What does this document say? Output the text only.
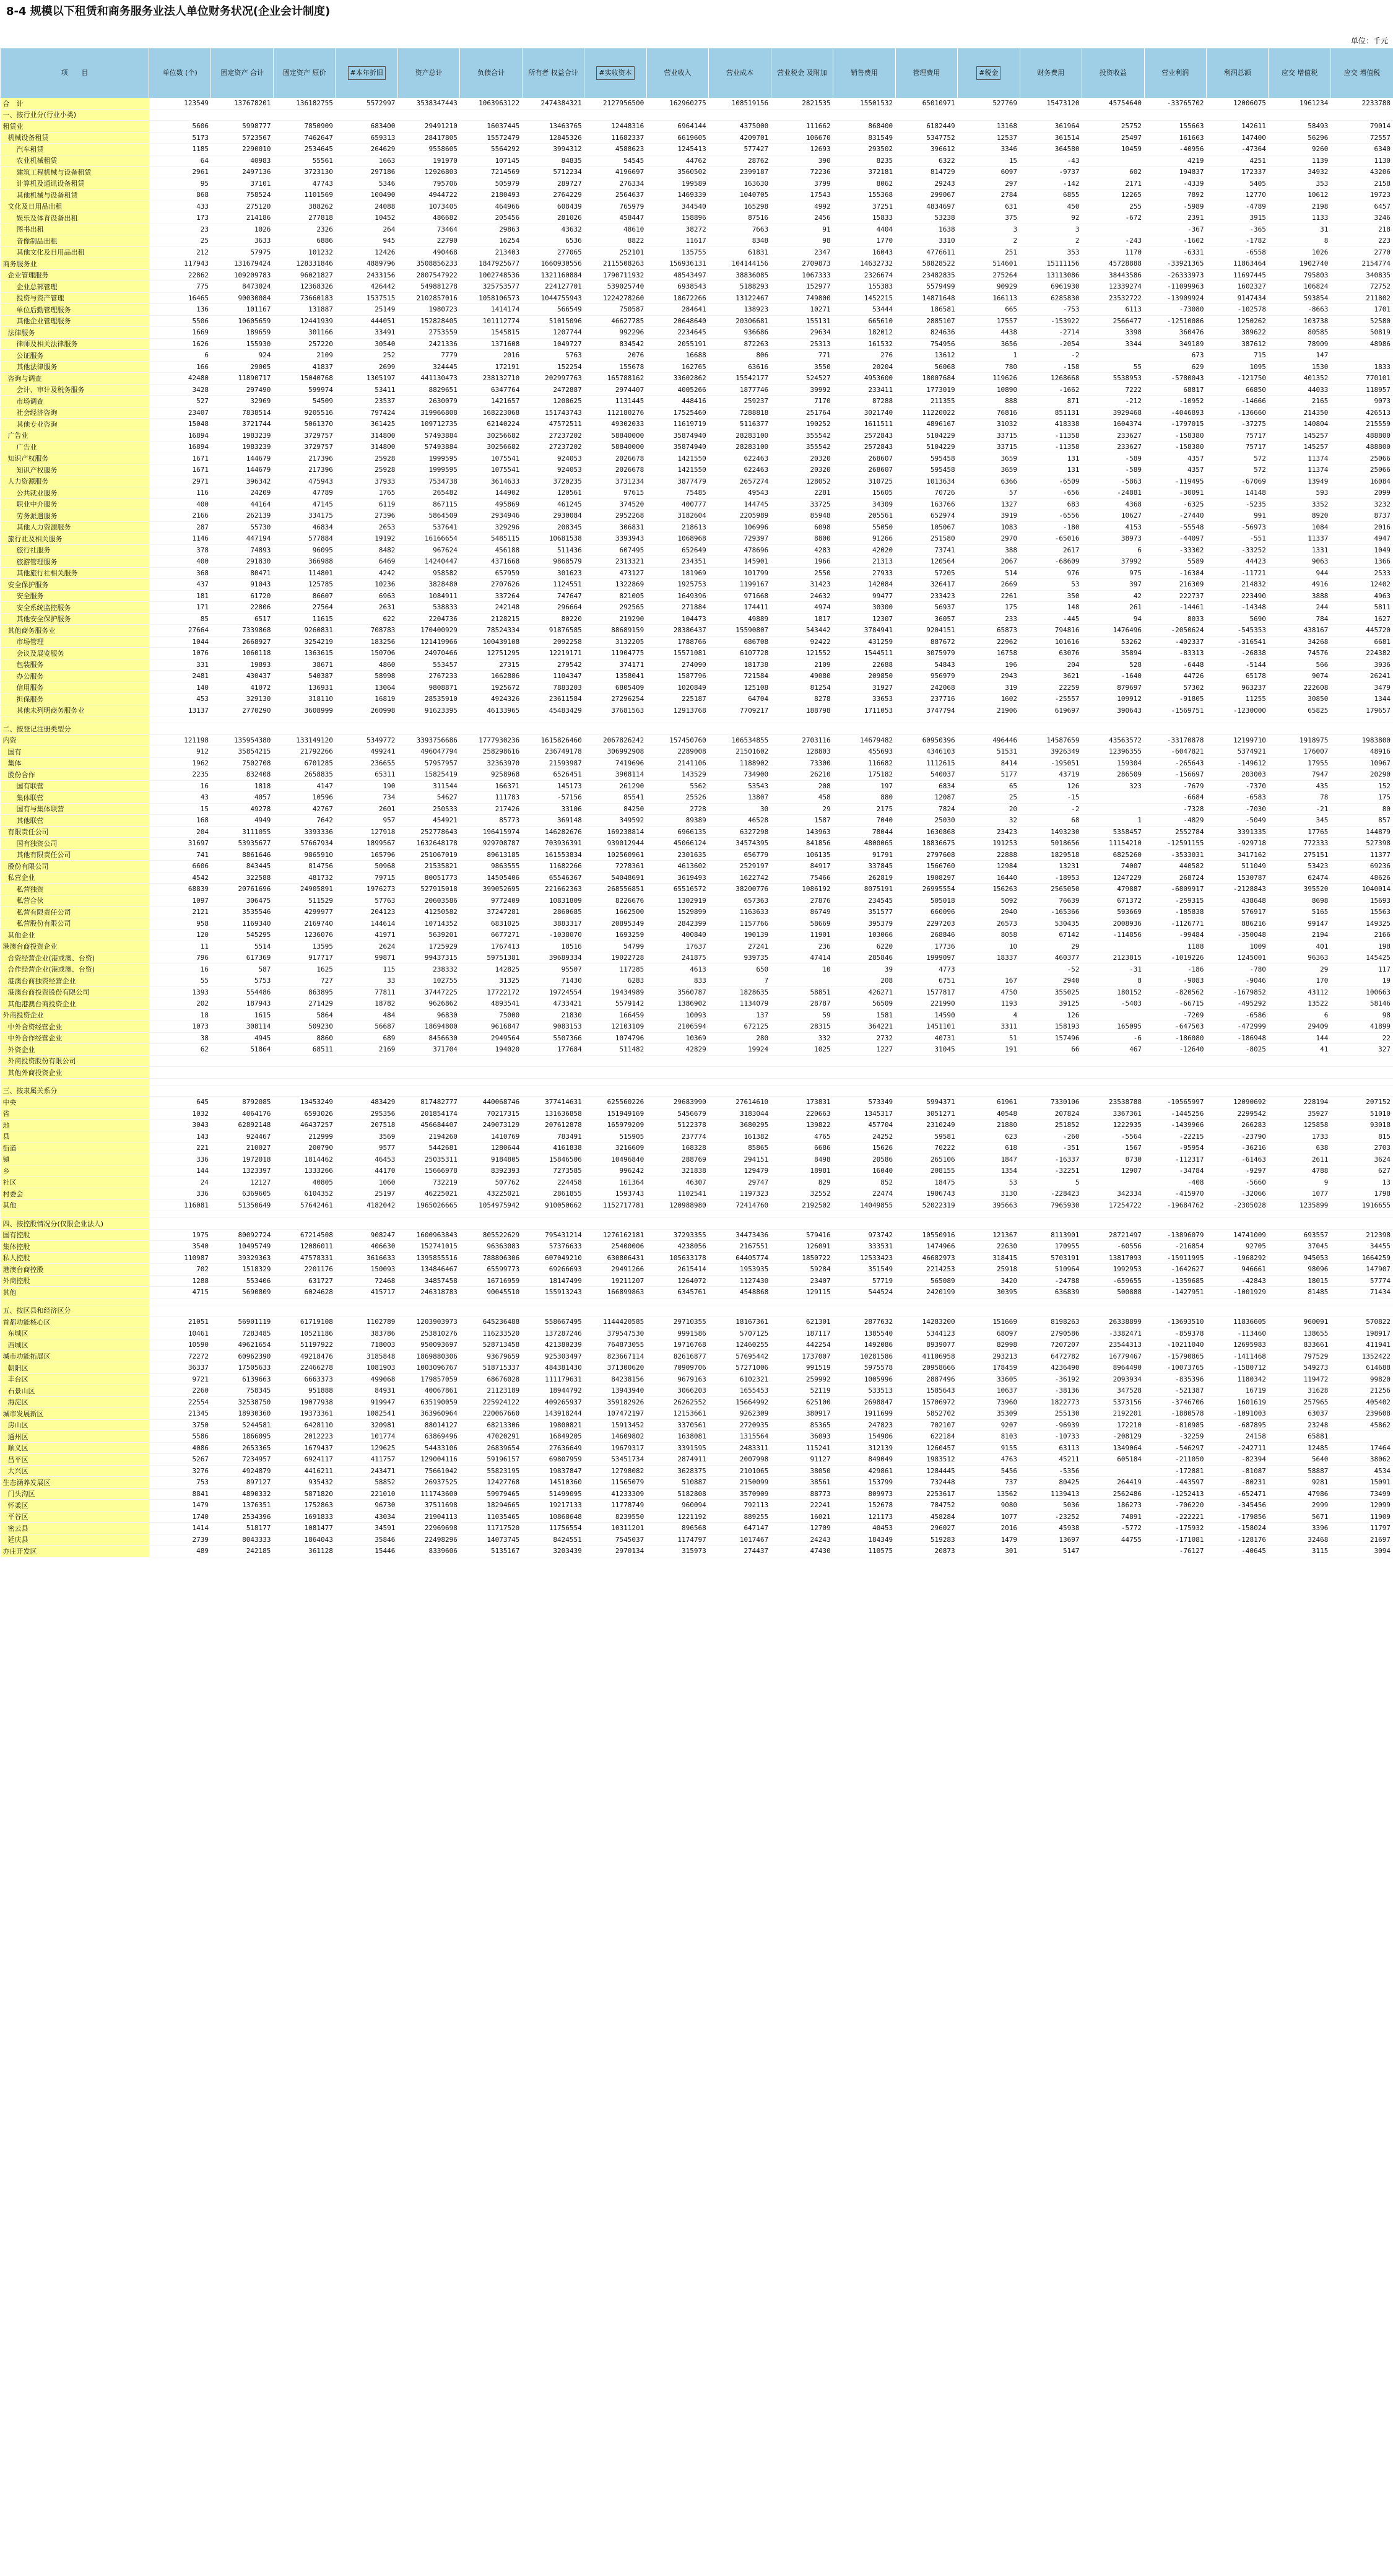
8-4 规模以下租赁和商务服务业法人单位财务状况(企业会计制度)
单位：千元
项　　目	单位数 (个)	固定资产 合计	固定资产 原价	#本年折旧	资产总计	负债合计	所有者 权益合计	#实收资本	营业收入	营业成本	营业税金 及附加	销售费用	管理费用	#税金	财务费用	投资收益	营业利润	利润总额	应交 增值税	应交 增值税
合　计	123549	137678201	136182755	5572997	3538347443	1063963122	2474384321	2127956500	162960275	108519156	2821535	15501532	65010971	527769	15473120	45754640	-33765702	12006075	1961234	2233788
一、按行业分(行业小类)																				
租赁业	5606	5998777	7850909	683400	29491210	16037445	13463765	12448316	6964144	4375000	111662	868400	6182449	13168	361964	25752	155663	142611	58493	79014
机械设备租赁	5173	5723567	7462647	659313	28417805	15572479	12845326	11682337	6619605	4209701	106670	831549	5347752	12537	361514	25497	161663	147400	56296	72557
汽车租赁	1185	2290010	2534645	264629	9558605	5564292	3994312	4588623	1245413	577427	12693	293502	396612	3346	364580	10459	-40956	-47364	9260	6340
农业机械租赁	64	40983	55561	1663	191970	107145	84835	54545	44762	28762	390	8235	6322	15	-43		4219	4251	1139	1130
建筑工程机械与设备租赁	2961	2497136	3723130	297186	12926803	7214569	5712234	4196697	3560502	2399187	72236	372181	814729	6097	-9737	602	194837	172337	34932	43206
计算机及通讯设备租赁	95	37101	47743	5346	795706	505979	289727	276334	199589	163630	3799	8062	29243	297	-142	2171	-4339	5405	353	2158
其他机械与设备租赁	868	758524	1101569	100490	4944722	2180493	2764229	2564637	1469339	1040705	17543	155368	299067	2784	6855	12265	7892	12770	10612	19723
文化及日用品出租	433	275120	388262	24088	1073405	464966	608439	765979	344540	165298	4992	37251	4834697	631	450	255	-5989	-4789	2198	6457
娱乐及体育设备出租	173	214186	277818	10452	486682	205456	281026	458447	158896	87516	2456	15833	53238	375	92	-672	2391	3915	1133	3246
图书出租	23	1026	2326	264	73464	29863	43632	48610	38272	7663	91	4404	1638	3	3		-367	-365	31	218
音像制品出租	25	3633	6886	945	22790	16254	6536	8822	11617	8348	98	1770	3310	2	2	-243	-1602	-1782	8	223
其他文化及日用品出租	212	57975	101232	12426	490468	213403	277065	252101	135755	61831	2347	16043	4776611	251	353	1170	-6331	-6558	1026	2770
商务服务业	117943	131679424	128331846	4889796	3508856233	1847925677	1660930556	2115508263	156936131	104144156	2709873	14632732	58828522	514601	15111156	45728888	-33921365	11863464	1902740	2154774
企业管理服务	22862	109209783	96021827	2433156	2807547922	1002748536	1321160884	1790711932	48543497	38836085	1067333	2326674	23482835	275264	13113086	38443586	-26333973	11697445	795803	340835
企业总部管理	775	8473024	12368326	426442	549881278	325753577	224127701	539025740	6938543	5188293	152977	155383	5579499	90929	6961930	12339274	-11099963	1602327	106824	72752
投资与资产管理	16465	90030084	73660183	1537515	2102857016	1058106573	1044755943	1224278260	18672266	13122467	749800	1452215	14871648	166113	6285830	23532722	-13909924	9147434	593854	211802
单位后勤管理服务	136	101167	131887	25149	1980723	1414174	566549	750587	284641	138923	10271	53444	186581	665	-753	6113	-73080	-102578	-8663	1701
其他企业管理服务	5506	10605659	12441939	444051	152828405	101112774	51015096	46627785	20648640	20306681	155131	665610	2885107	17557	-153922	2566477	-12510086	1250262	103738	52580
法律服务	1669	189659	301166	33491	2753559	1545815	1207744	992296	2234645	936686	29634	182012	824636	4438	-2714	3398	360476	389622	80585	50819
律师及相关法律服务	1626	155930	257220	30540	2421336	1371608	1049727	834542	2055191	872263	25313	161532	754956	3656	-2054	3344	349189	387612	78909	48986
公证服务	6	924	2109	252	7779	2016	5763	2076	16688	806	771	276	13612	1	-2		673	715	147	
其他法律服务	166	29005	41837	2699	324445	172191	152254	155678	162765	63616	3550	20204	56068	780	-158	55	629	1095	1530	1833
咨询与调查	42480	11890717	15040768	1305197	441130473	238132710	202997763	165788162	33602862	15542177	524527	4953600	18007684	119626	1268668	5538953	-5780043	-121750	401352	770101
会计、审计及税务服务	3428	297490	599974	53411	8829651	6347764	2472887	2974407	4005266	1877746	39992	233411	1773019	10890	-1662	7222	68817	66850	44033	118957
市场调查	527	32969	54509	23537	2630079	1421657	1208625	1131445	448416	259237	7170	87288	211355	888	871	-212	-10952	-14666	2165	9073
社会经济咨询	23407	7838514	9205516	797424	319966808	168223068	151743743	112180276	17525460	7288818	251764	3021740	11220022	76816	851131	3929468	-4046893	-136660	214350	426513
其他专业咨询	15048	3721744	5061370	361425	109712735	62140224	47572511	49302033	11619719	5116377	190252	1611511	4896167	31032	418338	1604374	-1797015	-37275	140804	215559
广告业	16894	1983239	3729757	314800	57493884	30256682	27237202	58840000	35874940	28283100	355542	2572843	5104229	33715	-11358	233627	-158380	75717	145257	488800
广告业	16894	1983239	3729757	314800	57493884	30256682	27237202	58840000	35874940	28283100	355542	2572843	5104229	33715	-11358	233627	-158380	75717	145257	488800
知识产权服务	1671	144679	217396	25928	1999595	1075541	924053	2026678	1421550	622463	20320	268607	595458	3659	131	-589	4357	572	11374	25066
知识产权服务	1671	144679	217396	25928	1999595	1075541	924053	2026678	1421550	622463	20320	268607	595458	3659	131	-589	4357	572	11374	25066
人力资源服务	2971	396342	475943	37933	7534738	3614633	3720235	3731234	3877479	2657274	128052	310725	1013634	6366	-6509	-5863	-119495	-67069	13949	16084
公共就业服务	116	24209	47789	1765	265482	144902	120561	97615	75485	49543	2281	15605	70726	57	-656	-24881	-30091	14148	593	2099
职业中介服务	400	44164	47145	6119	867115	495869	461245	374520	400777	144745	33725	34309	163766	1327	683	4368	-6325	-5235	3352	3232
劳务派遣服务	2166	262139	334175	27396	5864509	2934946	2930084	2952268	3182604	2205989	85948	205561	652974	3919	-6556	10627	-27440	991	8920	8737
其他人力资源服务	287	55730	46834	2653	537641	329296	208345	306831	218613	106996	6098	55050	105067	1083	-180	4153	-55548	-56973	1084	2016
旅行社及相关服务	1146	447194	577884	19192	16166654	5485115	10681538	3393943	1068968	729397	8800	91266	251580	2970	-65016	38973	-44097	-551	11337	4947
旅行社服务	378	74893	96095	8482	967624	456188	511436	607495	652649	478696	4283	42020	73741	388	2617	6	-33302	-33252	1331	1049
旅游管理服务	400	291830	366988	6469	14240447	4371668	9868579	2313321	234351	145901	1966	21313	120564	2067	-68609	37992	5589	44423	9063	1366
其他旅行社相关服务	368	80471	114801	4242	958582	657959	301623	473127	181969	101799	2550	27933	57205	514	976	975	-16384	-11721	944	2533
安全保护服务	437	91043	125785	10236	3828480	2707626	1124551	1322869	1925753	1199167	31423	142084	326417	2669	53	397	216309	214832	4916	12402
安全服务	181	61720	86607	6963	1084911	337264	747647	821005	1649396	971668	24632	99477	233423	2261	350	42	222737	223490	3888	4963
安全系统监控服务	171	22806	27564	2631	538833	242148	296664	292565	271884	174411	4974	30300	56937	175	148	261	-14461	-14348	244	5811
其他安全保护服务	85	6517	11615	622	2204736	2128215	80220	219290	104473	49889	1817	12307	36057	233	-445	94	8033	5690	784	1627
其他商务服务业	27664	7339868	9260831	708783	170400929	78524334	91876585	88689159	28386437	15590807	543442	3784941	9204151	65873	794816	1476496	-2050624	-545353	438167	445720
市场管理	1044	2668927	3254219	183256	121419966	100439108	2092258	3132205	1788766	686708	92422	431259	887672	22962	101616	53262	-402337	-316541	34268	6681
会议及展览服务	1076	1060118	1363615	150706	24970466	12751295	12219171	11904775	15571081	6107728	121552	1544511	3075979	16758	63076	35894	-83313	-26838	74576	224382
包装服务	331	19893	38671	4860	553457	27315	279542	374171	274090	181738	2109	22688	54843	196	204	528	-6448	-5144	566	3936
办公服务	2481	430437	540387	58998	2767233	1662886	1104347	1358041	1587796	721584	49080	209850	956979	2943	3621	-1640	44726	65178	9074	26241
信用服务	140	41072	136931	13064	9808871	1925672	7883203	6805409	1020849	125108	81254	31927	242068	319	22259	879697	57302	963237	222608	3479
担保服务	453	329130	318110	16819	28535910	4924326	23611584	27296254	225187	64704	8278	33653	237716	1602	-25557	109912	-91805	11255	30850	1344
其他未列明商务服务业	13137	2770290	3608999	260998	91623395	46133965	45483429	37681563	12913768	7709217	188798	1711053	3747794	21906	619697	390643	-1569751	-1230000	65825	179657

二、按登记注册类型分																				
内资	121198	135954380	133149120	5349772	3393756686	1777930236	1615826460	2067826242	157450760	106534855	2703116	14679482	60950396	496446	14587659	43563572	-33170878	12199710	1918975	1983800
国有	912	35854215	21792266	499241	496047794	258298616	236749178	306992908	2289008	21501602	128803	455693	4346103	51531	3926349	12396355	-6047821	5374921	176007	48916
集体	1962	7502708	6701285	236655	57957957	32363970	21593987	7419696	2141106	1188902	73300	116682	1112615	8414	-195051	159304	-265643	-149612	17955	10967
股份合作	2235	832408	2658835	65311	15825419	9258968	6526451	3908114	143529	734900	26210	175182	540037	5177	43719	286509	-156697	203003	7947	20290
国有联营	16	1818	4147	190	311544	166371	145173	261290	5562	53543	208	197	6834	65	126	323	-7679	-7370	435	152
集体联营	43	4057	10596	734	54627	111783	-57156	85541	25526	13807	458	880	12087	25	-15		-6684	-6583	78	175
国有与集体联营	15	49278	42767	2601	250533	217426	33106	84250	2728	30	29	2175	7824	20	-2		-7328	-7030	-21	80
其他联营	168	4949	7642	957	454921	85773	369148	349592	89389	46528	1587	7040	25030	32	68	1	-4829	-5049	345	857
有限责任公司	204	3111055	3393336	127918	252778643	196415974	146282676	169238814	6966135	6327298	143963	78044	1630868	23423	1493230	5358457	2552784	3391335	17765	144879
国有独资公司	31697	53935677	57667934	1899567	1632648178	929708787	703936391	939012944	45066124	34574395	841856	4800065	18836675	191253	5018656	11154210	-12591155	-929718	772333	527398
其他有限责任公司	741	8861646	9865910	165796	251067019	89613185	161553834	102560961	2301635	656779	106135	91791	2797608	22888	1829518	6825260	-3533031	3417162	275151	11377
股份有限公司	6606	843445	814756	50968	21535821	9863555	11682266	7278361	4613602	2529197	84917	337845	1566760	12984	13231	74007	440582	511049	53423	69236
私营企业	4542	322588	481732	79715	80051773	14505406	65546367	54048691	3619493	1622742	75466	262819	1908297	16440	-18953	1247229	268724	1530787	62474	48626
私营独资	68839	20761696	24905891	1976273	527915018	399052695	221662363	268556851	65516572	38200776	1086192	8075191	26995554	156263	2565050	479887	-6809917	-2128843	395520	1040014
私营合伙	1097	306475	511529	57763	20603586	9772409	10831809	8226676	1302919	657363	27876	234545	505018	5092	76639	671372	-259315	438648	8698	15693
私营有限责任公司	2121	3535546	4299977	204123	41250582	37247281	2860685	1662500	1529899	1163633	86749	351577	660096	2940	-165366	593669	-185838	576917	5165	15563
私营股份有限公司	958	1169340	2169740	144614	10714352	6831025	3883317	20895349	2842399	1157766	58669	395379	2297203	26573	530435	2008936	-1126771	886216	99147	149325
其他企业	120	545295	1236076	41971	5639201	6677271	-1038070	1693259	400840	190139	11901	103066	268846	8058	67142	-114856	-99484	-350048	2194	2166
港澳台商投资企业	11	5514	13595	2624	1725929	1767413	18516	54799	17637	27241	236	6220	17736	10	29		1188	1009	401	198
合资经营企业(港或澳、台资)	796	617369	917717	99871	99437315	59751381	39689334	19022728	241875	939735	47414	285846	1999097	18337	460377	2123815	-1019226	1245001	96363	145425
合作经营企业(港或澳、台资)	16	587	1625	115	238332	142825	95507	117285	4613	650	10	39	4773		-52	-31	-186	-780	29	117
港澳台商独资经营企业	55	5753	727	33	102755	31325	71430	6283	833	7		208	6751	167	2940	8	-9083	-9046	170	19
港澳台商投资股份有限公司	1393	554486	863895	77811	37447225	17722172	19724554	19434989	3560787	1828635	58851	426271	1577817	4750	355025	180152	-820562	-1679852	43112	100663
其他港澳台商投资企业	202	187943	271429	18782	9626862	4893541	4733421	5579142	1386902	1134079	28787	56509	221990	1193	39125	-5403	-66715	-495292	13522	58146
外商投资企业	18	1615	5864	484	96830	75000	21830	166459	10093	137	59	1581	14590	4	126		-7209	-6586	6	98
中外合资经营企业	1073	308114	509230	56687	18694800	9616847	9083153	12103109	2106594	672125	28315	364221	1451101	3311	158193	165095	-647503	-472999	29409	41899
中外合作经营企业	38	4945	8860	689	8456630	2949564	5507366	1074796	10369	280	332	2732	40731	51	157496	-6	-186080	-186948	144	22
外资企业	62	51864	68511	2169	371704	194020	177684	511482	42829	19924	1025	1227	31045	191	66	467	-12640	-8025	41	327
外商投资股份有限公司																				
其他外商投资企业																				

三、按隶属关系分																				
中央	645	8792085	13453249	483429	817482777	440068746	377414631	625560226	29683990	27614610	173831	573349	5994371	61961	7330106	23538788	-10565997	12090692	228194	207152
省	1032	4064176	6593026	295356	201854174	70217315	131636858	151949169	5456679	3183044	220663	1345317	3051271	40548	207824	3367361	-1445256	2299542	35927	51010
地	3043	62892148	46437257	207518	456684407	249073129	207612878	165979209	5122378	3680295	139822	457704	2310249	21880	251852	1222935	-1439966	266283	125858	93018
县	143	924467	212999	3569	2194260	1410769	783491	515905	237774	161382	4765	24252	59581	623	-260	-5564	-22215	-23790	1733	815
街道	221	210027	200790	9577	5442681	1280644	4161838	3216609	168328	85865	6686	15626	70222	618	-351	1567	-95954	-36216	638	2703
镇	336	1972018	1814462	46453	25035311	9184805	15846506	10496840	288769	294151	8498	20586	265106	1847	-16337	8730	-112317	-61463	2611	3624
乡	144	1323397	1333266	44170	15666978	8392393	7273585	996242	321838	129479	18981	16040	208155	1354	-32251	12907	-34784	-9297	4788	627
社区	24	12127	40805	1060	732219	507762	224458	161364	46307	29747	829	852	18475	53	5		-408	-5660	9	13
村委会	336	6369605	6104352	25197	46225021	43225021	2861855	1593743	1102541	1197323	32552	22474	1906743	3130	-228423	342334	-415970	-32066	1077	1798
其他	116081	51350649	57642461	4182042	1965026665	1054975942	910050662	1152717781	120988980	72414760	2192502	14049855	52022319	395663	7965930	17254722	-19684762	-2305028	1235899	1916655

四、按控股情况分(仅限企业法人)																				
国有控股	1975	80092724	67214508	908247	1600963843	805522629	795431214	1276162181	37293355	34473436	579416	973742	10550916	121367	8113901	28721497	-13896079	14741009	693557	212398
集体控股	3540	10495749	12086011	406630	152741015	96363083	57376633	25400006	4238056	2167551	126091	333531	1474966	22630	170955	-60556	-216854	92705	37045	34455
私人控股	110987	39329363	47578331	3616633	1395855516	788806306	607049210	630806431	105633178	64405774	1850722	12533423	46682973	318415	5703191	13817093	-15911995	-1968292	945053	1664259
港澳台商控股	702	1518329	2201176	150093	134846467	65599773	69266693	29491266	2615414	1953935	59284	351549	2214253	25918	510964	1992953	-1642627	946661	98096	147907
外商控股	1288	553406	631727	72468	34857458	16716959	18147499	19211207	1264072	1127430	23407	57719	565089	3420	-24788	-659655	-1359685	-42843	18015	57774
其他	4715	5690809	6024628	415717	246318783	90045510	155913243	166899863	6345761	4548868	129115	544524	2420199	30395	636839	500888	-1427951	-1001929	81485	71434

五、按区县和经济区分																				
首都功能核心区	21051	56901119	61719108	1102789	1203903973	645236488	558667495	1144420585	29710355	18167361	621301	2877632	14283200	151669	8198263	26338899	-13693510	11836605	960091	570822
东城区	10461	7283485	10521186	383786	253810276	116233520	137287246	379547530	9991586	5707125	187117	1385540	5344123	68097	2790586	-3382471	-859378	-113460	138655	198917
西城区	10590	49621654	51197922	718003	950093697	528713458	421380239	764873055	19716768	12460255	442254	1492086	8939077	82998	7207207	23544313	-10211040	12695983	833661	411941
城市功能拓展区	72272	60962390	49218476	3185848	1869880306	93679659	925303497	823667114	82616877	57695442	1737007	10281586	41106958	293213	6472782	16779467	-15790865	-1411468	797529	1352422
朝阳区	36337	17505633	22466278	1081903	1003096767	518715337	484381430	371300620	70909706	57271006	991519	5975578	20958666	178459	4236490	8964490	-10073765	-1580712	549273	614688
丰台区	9721	6139663	6663373	499068	179857059	68676028	111179631	84238156	9679163	6102321	259992	1005996	2887496	33605	-36192	2093934	-835396	1180342	119472	99820
石景山区	2260	758345	951888	84931	40067861	21123189	18944792	13943940	3066203	1655453	52119	533513	1585643	10637	-38136	347528	-521387	16719	31628	21256
海淀区	22554	32538750	19077938	919947	635190059	225924122	409265937	359182926	26262552	15664992	625100	2698847	15706972	73960	1822773	5373156	-3746706	1601619	257965	405402
城市发展新区	21345	18930360	19373361	1082541	363960964	220067660	143918244	107472197	12153661	9262309	380917	1911699	5852702	35309	255130	2192201	-1880578	-1091003	63037	239608
房山区	3750	5244581	6428110	320981	88014127	68213306	19800821	15913452	3370561	2720935	85365	247823	702107	9207	-96939	172210	-810985	-687895	23248	45862
通州区	5586	1866095	2012223	101774	63869496	47020291	16849205	14609802	1638081	1315564	36093	154906	622184	8103	-10733	-208129	-32259	24158	65881	
顺义区	4086	2653365	1679437	129625	54433106	26839654	27636649	19679317	3391595	2483311	115241	312139	1260457	9155	63113	1349064	-546297	-242711	12485	17464
昌平区	5267	7234957	6924117	411757	129004116	59196157	69807959	53451734	2874911	2007998	91127	849049	1983512	4763	45211	605184	-211050	-82394	5640	38062
大兴区	3276	4924879	4416211	243471	75661042	55823195	19837847	12798082	3628375	2101065	38050	429861	1284445	5456	-5356		-172881	-81087	58887	4534
生态涵养发展区	753	897127	935432	58852	26937525	12427768	14510360	11565079	510887	2150099	38561	153799	732448	737	80425	264419	-443597	-80231	9281	15091
门头沟区	8841	4890332	5871820	221010	111743600	59979465	51499095	41233309	5182808	3570909	88773	809973	2253617	13562	1139413	2562486	-1252413	-652471	47986	73499
怀柔区	1479	1376351	1752863	96730	37511698	18294665	19217133	11778749	960094	792113	22241	152678	784752	9080	5036	186273	-706220	-345456	2999	12099
平谷区	1740	2534396	1691833	43034	21904113	11035465	10868648	8239550	1221192	889255	16021	121173	458284	1077	-23252	74891	-222221	-179856	5671	11909
密云县	1414	518177	1081477	34591	22969698	11717520	11756554	10311201	896568	647147	12709	40453	296027	2016	45938	-5772	-175932	-158024	3396	11797
延庆县	2739	8043333	1864043	35846	22498296	14073745	8424551	7545037	1174797	1017467	24243	184349	519283	1479	13697	44755	-171081	-128176	32468	21697
亦庄开发区	489	242185	361128	15446	8339606	5135167	3203439	2970134	315973	274437	47430	110575	20873	301	5147		-76127	-40645	3115	3094
